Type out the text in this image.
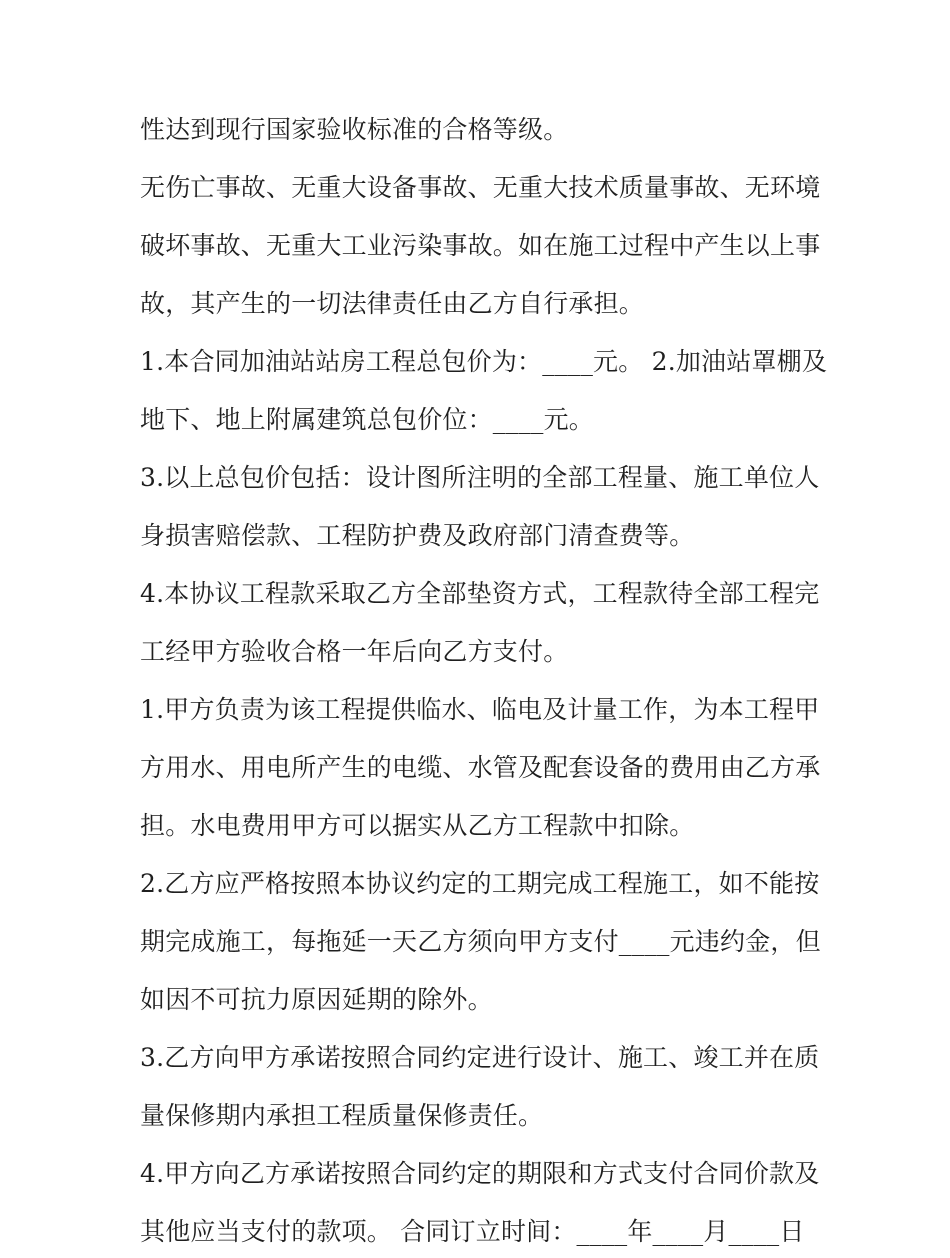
性达到现行国家验收标准的合格等级。
无伤亡事故、无重大设备事故、无重大技术质量事故、无环境
破坏事故、无重大工业污染事故。如在施工过程中产生以上事
故，其产生的一切法律责任由乙方自行承担。
1.本合同加油站站房工程总包价为：____元。 2.加油站罩棚及
地下、地上附属建筑总包价位：____元。
3.以上总包价包括：设计图所注明的全部工程量、施工单位人
身损害赔偿款、工程防护费及政府部门清查费等。
4.本协议工程款采取乙方全部垫资方式，工程款待全部工程完
工经甲方验收合格一年后向乙方支付。
1.甲方负责为该工程提供临水、临电及计量工作，为本工程甲
方用水、用电所产生的电缆、水管及配套设备的费用由乙方承
担。水电费用甲方可以据实从乙方工程款中扣除。
2.乙方应严格按照本协议约定的工期完成工程施工，如不能按
期完成施工，每拖延一天乙方须向甲方支付____元违约金，但
如因不可抗力原因延期的除外。
3.乙方向甲方承诺按照合同约定进行设计、施工、竣工并在质
量保修期内承担工程质量保修责任。
4.甲方向乙方承诺按照合同约定的期限和方式支付合同价款及
其他应当支付的款项。 合同订立时间：____年____月____日
